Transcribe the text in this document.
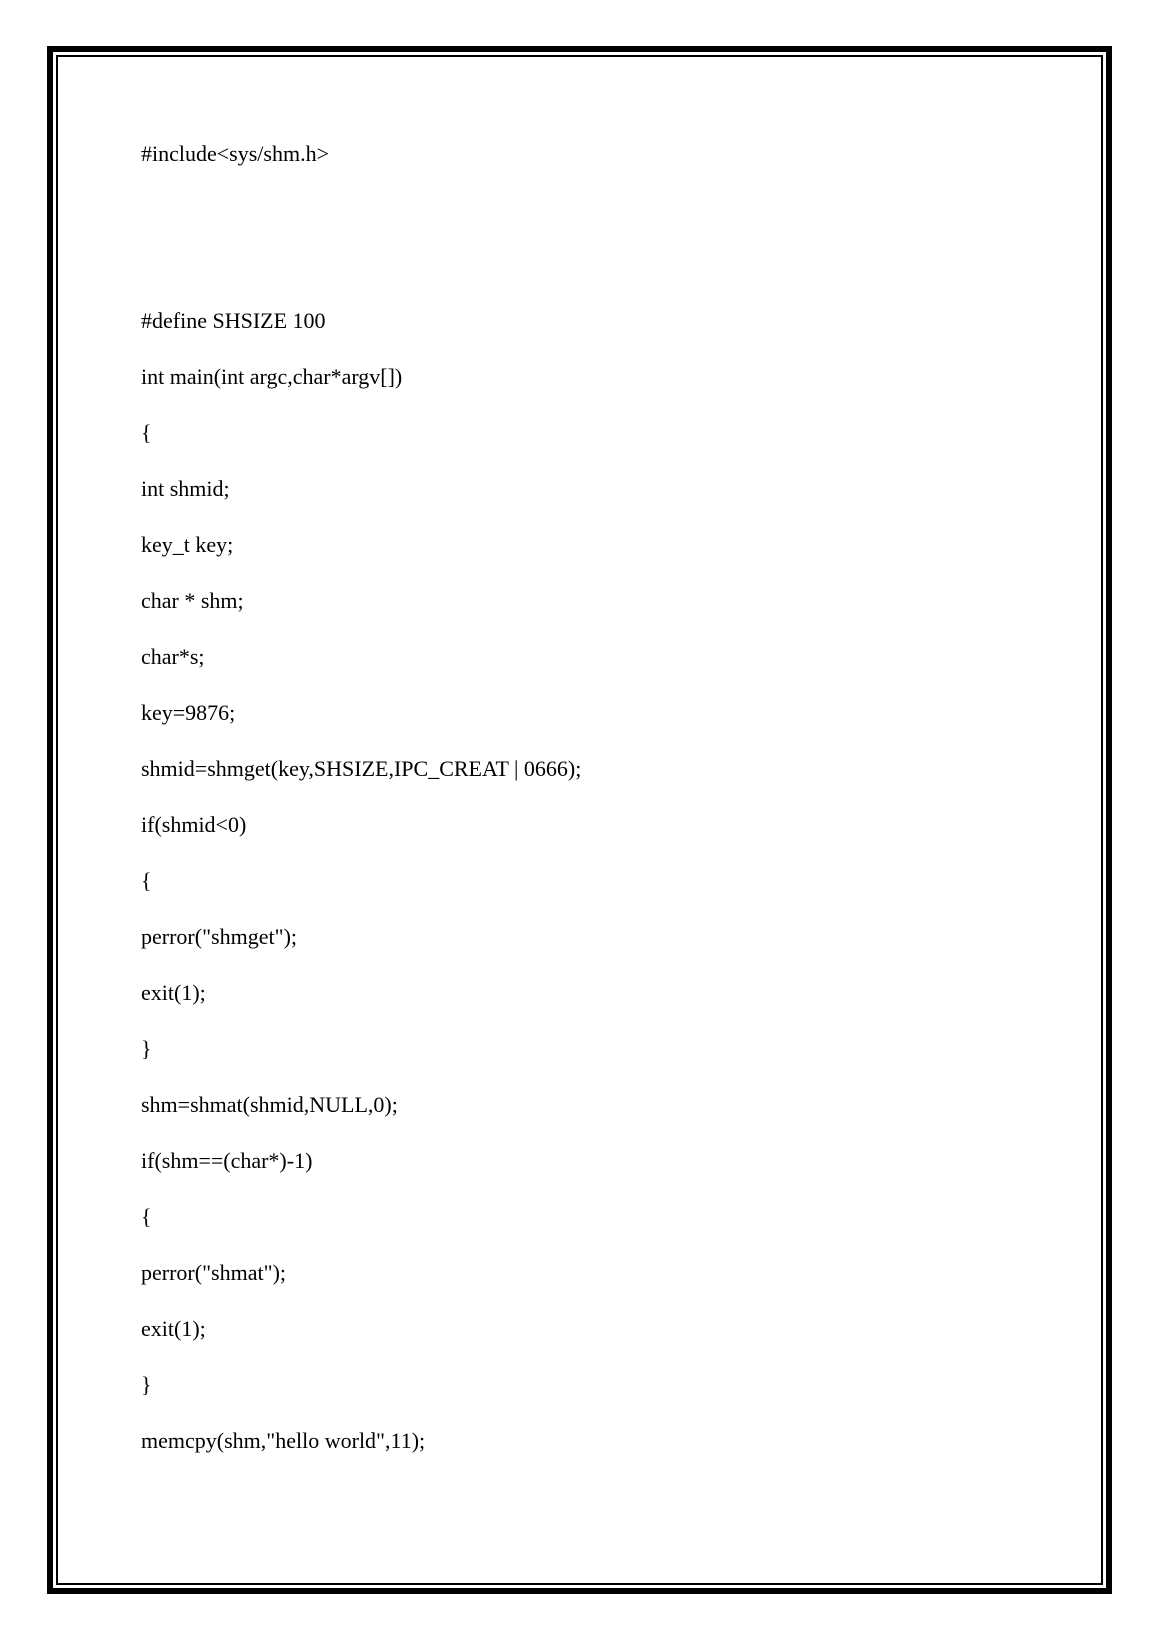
#include<sys/shm.h>

#define SHSIZE 100

int main(int argc,char*argv[])

{

int shmid;

key_t key;

char * shm;

char*s;

key=9876;

shmid=shmget(key,SHSIZE,IPC_CREAT | 0666);

if(shmid<0)

{

perror("shmget");

exit(1);

}

shm=shmat(shmid,NULL,0);

if(shm==(char*)-1)

{

perror("shmat");

exit(1);

}

memcpy(shm,"hello world",11);
